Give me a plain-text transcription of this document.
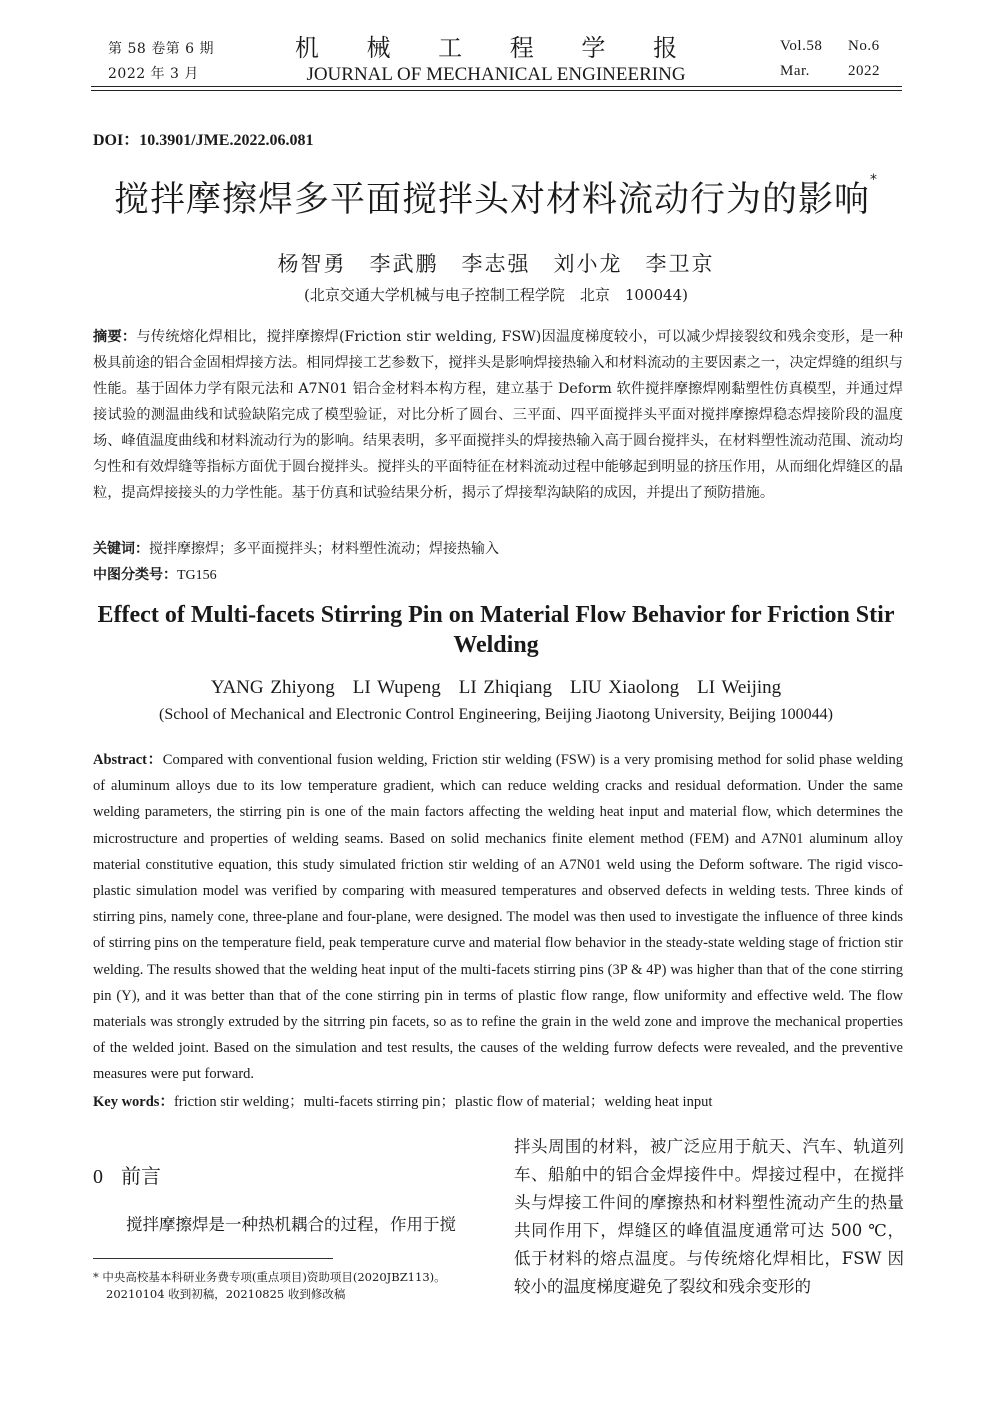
第 58 卷第 6 期
2022 年 3 月
机 械 工 程 学 报
JOURNAL OF MECHANICAL ENGINEERING
Vol.58 No.6
Mar.	2022
DOI：10.3901/JME.2022.06.081
搅拌摩擦焊多平面搅拌头对材料流动行为的影响*
杨智勇　李武鹏　李志强　刘小龙　李卫京
(北京交通大学机械与电子控制工程学院　北京　100044)
摘要：与传统熔化焊相比，搅拌摩擦焊(Friction stir welding, FSW)因温度梯度较小，可以减少焊接裂纹和残余变形，是一种极具前途的铝合金固相焊接方法。相同焊接工艺参数下，搅拌头是影响焊接热输入和材料流动的主要因素之一，决定焊缝的组织与性能。基于固体力学有限元法和 A7N01 铝合金材料本构方程，建立基于 Deform 软件搅拌摩擦焊刚黏塑性仿真模型，并通过焊接试验的测温曲线和试验缺陷完成了模型验证，对比分析了圆台、三平面、四平面搅拌头平面对搅拌摩擦焊稳态焊接阶段的温度场、峰值温度曲线和材料流动行为的影响。结果表明，多平面搅拌头的焊接热输入高于圆台搅拌头，在材料塑性流动范围、流动均匀性和有效焊缝等指标方面优于圆台搅拌头。搅拌头的平面特征在材料流动过程中能够起到明显的挤压作用，从而细化焊缝区的晶粒，提高焊接接头的力学性能。基于仿真和试验结果分析，揭示了焊接犁沟缺陷的成因，并提出了预防措施。
关键词：搅拌摩擦焊；多平面搅拌头；材料塑性流动；焊接热输入
中图分类号：TG156
Effect of Multi-facets Stirring Pin on Material Flow Behavior for Friction Stir Welding
YANG Zhiyong LI Wupeng LI Zhiqiang LIU Xiaolong LI Weijing
(School of Mechanical and Electronic Control Engineering, Beijing Jiaotong University, Beijing 100044)
Abstract：Compared with conventional fusion welding, Friction stir welding (FSW) is a very promising method for solid phase welding of aluminum alloys due to its low temperature gradient, which can reduce welding cracks and residual deformation. Under the same welding parameters, the stirring pin is one of the main factors affecting the welding heat input and material flow, which determines the microstructure and properties of welding seams. Based on solid mechanics finite element method (FEM) and A7N01 aluminum alloy material constitutive equation, this study simulated friction stir welding of an A7N01 weld using the Deform software. The rigid visco-plastic simulation model was verified by comparing with measured temperatures and observed defects in welding tests. Three kinds of stirring pins, namely cone, three-plane and four-plane, were designed. The model was then used to investigate the influence of three kinds of stirring pins on the temperature field, peak temperature curve and material flow behavior in the steady-state welding stage of friction stir welding. The results showed that the welding heat input of the multi-facets stirring pins (3P & 4P) was higher than that of the cone stirring pin (Y), and it was better than that of the cone stirring pin in terms of plastic flow range, flow uniformity and effective weld. The flow materials was strongly extruded by the sitrring pin facets, so as to refine the grain in the weld zone and improve the mechanical properties of the welded joint. Based on the simulation and test results, the causes of the welding furrow defects were revealed, and the preventive measures were put forward.
Key words：friction stir welding；multi-facets stirring pin；plastic flow of material；welding heat input
0 前言
搅拌摩擦焊是一种热机耦合的过程，作用于搅
拌头周围的材料，被广泛应用于航天、汽车、轨道列车、船舶中的铝合金焊接件中。焊接过程中，在搅拌头与焊接工件间的摩擦热和材料塑性流动产生的热量共同作用下，焊缝区的峰值温度通常可达 500 ℃，低于材料的熔点温度。与传统熔化焊相比，FSW 因较小的温度梯度避免了裂纹和残余变形的
* 中央高校基本科研业务费专项(重点项目)资助项目(2020JBZ113)。
20210104 收到初稿，20210825 收到修改稿
